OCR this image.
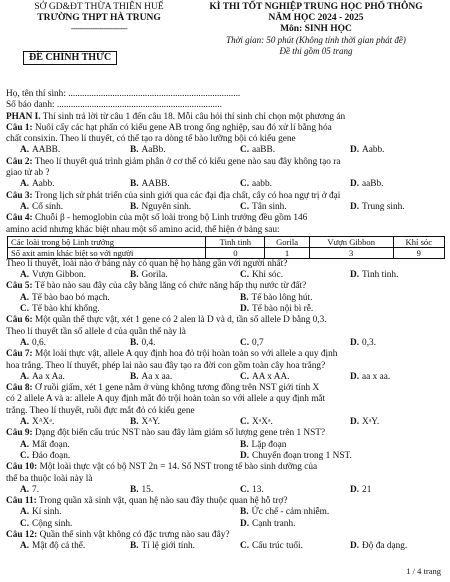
SỞ GD&ĐT THỪA THIÊN HUẾ
TRƯỜNG THPT HÀ TRUNG
--------------------------
ĐỀ CHÍNH THỨC
KÌ THI TỐT NGHIỆP TRUNG HỌC PHỔ THÔNG
NĂM HỌC 2024 - 2025
Môn: SINH HỌC
Thời gian: 50 phút (Không tính thời gian phát đề)
Đề thi gồm 05 trang
Họ, tên thí sinh: ..........................................................................
Số báo danh: .......................................................................
PHẦN I. Thí sinh trả lời từ câu 1 đến câu 18. Mỗi câu hỏi thí sinh chỉ chọn một phương án
Câu 1: Nuôi cấy các hạt phấn có kiểu gene AB trong ống nghiệp, sau đó xử lí bằng hóa
chất consixin. Theo lí thuyết, có thể tạo ra dòng tế bào lưỡng bội có kiểu gene
A. AABB.	B. AaBb.	C. aaBB.	D. Aabb.
Câu 2: Theo lí thuyết quá trình giảm phân ở cơ thể có kiểu gene nào sau đây không tạo ra
giao tử ab ?
A. Aabb.	B. AABB.	C. aabb.	D. aaBb.
Câu 3: Trong lịch sử phát triển của sinh giới qua các đại địa chất, cây có hoa ngự trị ở đại
A. Cổ sinh.	B. Nguyên sinh.	C. Tân sinh.	D. Trung sinh.
Câu 4: Chuỗi β - hemoglobin của một số loài trong bộ Linh trưởng đều gồm 146
amino acid nhưng khác biệt nhau một số amino acid, thể hiện ở bảng sau:
Các loài trong bộ Linh trưởng	Tinh tinh	Gorila	Vượn Gibbon	Khỉ sóc
Số axit amin khác biệt so với người	0	1	3	9
Theo lí thuyết, loài nào ở bảng này có quan hệ họ hàng gần với người nhất?
A. Vượn Gibbon.	B. Gorila.	C. Khỉ sóc.	D. Tinh tinh.
Câu 5: Tế bào nào sau đây của cây bằng lăng có chức năng hấp thụ nước từ đất?
A. Tế bào bao bó mạch.	B. Tế bào lông hút.
C. Tế bào khí khổng.	D. Tế bào nội bì rễ.
Câu 6: Một quần thể thực vật, xét 1 gene có 2 alen là D và d, tần số allele D bằng 0,3.
Theo lí thuyết tần số allele d của quần thể này là
A. 0,6.	B. 0,4.	C. 0,7	D. 0,3.
Câu 7: Một loài thực vật, allele A quy định hoa đỏ trội hoàn toàn so với allele a quy định
hoa trắng. Theo lí thuyết, phép lai nào sau đây tạo ra đời con gồm toàn cây hoa trắng?
A. Aa x Aa.	B. Aa x aa.	C. AA x AA.	D. aa x aa.
Câu 8: Ở ruồi giấm, xét 1 gene nằm ở vùng không tương đồng trên NST giới tính X
có 2 allele A và a: allele A quy định mắt đỏ trội hoàn toàn so với allele a quy định mắt
trắng. Theo lí thuyết, ruồi đực mắt đỏ có kiểu gene
A. XᴬXᵃ.	B. XᴬY.	C. XᵃXᵃ.	D. XᵃY.
Câu 9: Dạng đột biến cấu trúc NST nào sau đây làm giảm số lượng gene trên 1 NST?
A. Mất đoạn.	B. Lặp đoạn
C. Đảo đoạn.	D. Chuyển đoạn trong 1 NST.
Câu 10: Một loài thực vật có bộ NST 2n = 14. Số NST trong tế bào sinh dưỡng của
thể ba thuộc loài này là
A. 7.	B. 15.	C. 13.	D. 21
Câu 11: Trong quần xã sinh vật, quan hệ nào sau đây thuộc quan hệ hỗ trợ?
A. Kí sinh.	B. Ức chế - cảm nhiễm.
C. Cộng sinh.	D. Cạnh tranh.
Câu 12: Quần thể sinh vật không có đặc trưng nào sau đây?
A. Mật độ cá thể.	B. Tỉ lệ giới tính.	C. Cấu trúc tuổi.	D. Độ đa dạng.
1 / 4 trang
